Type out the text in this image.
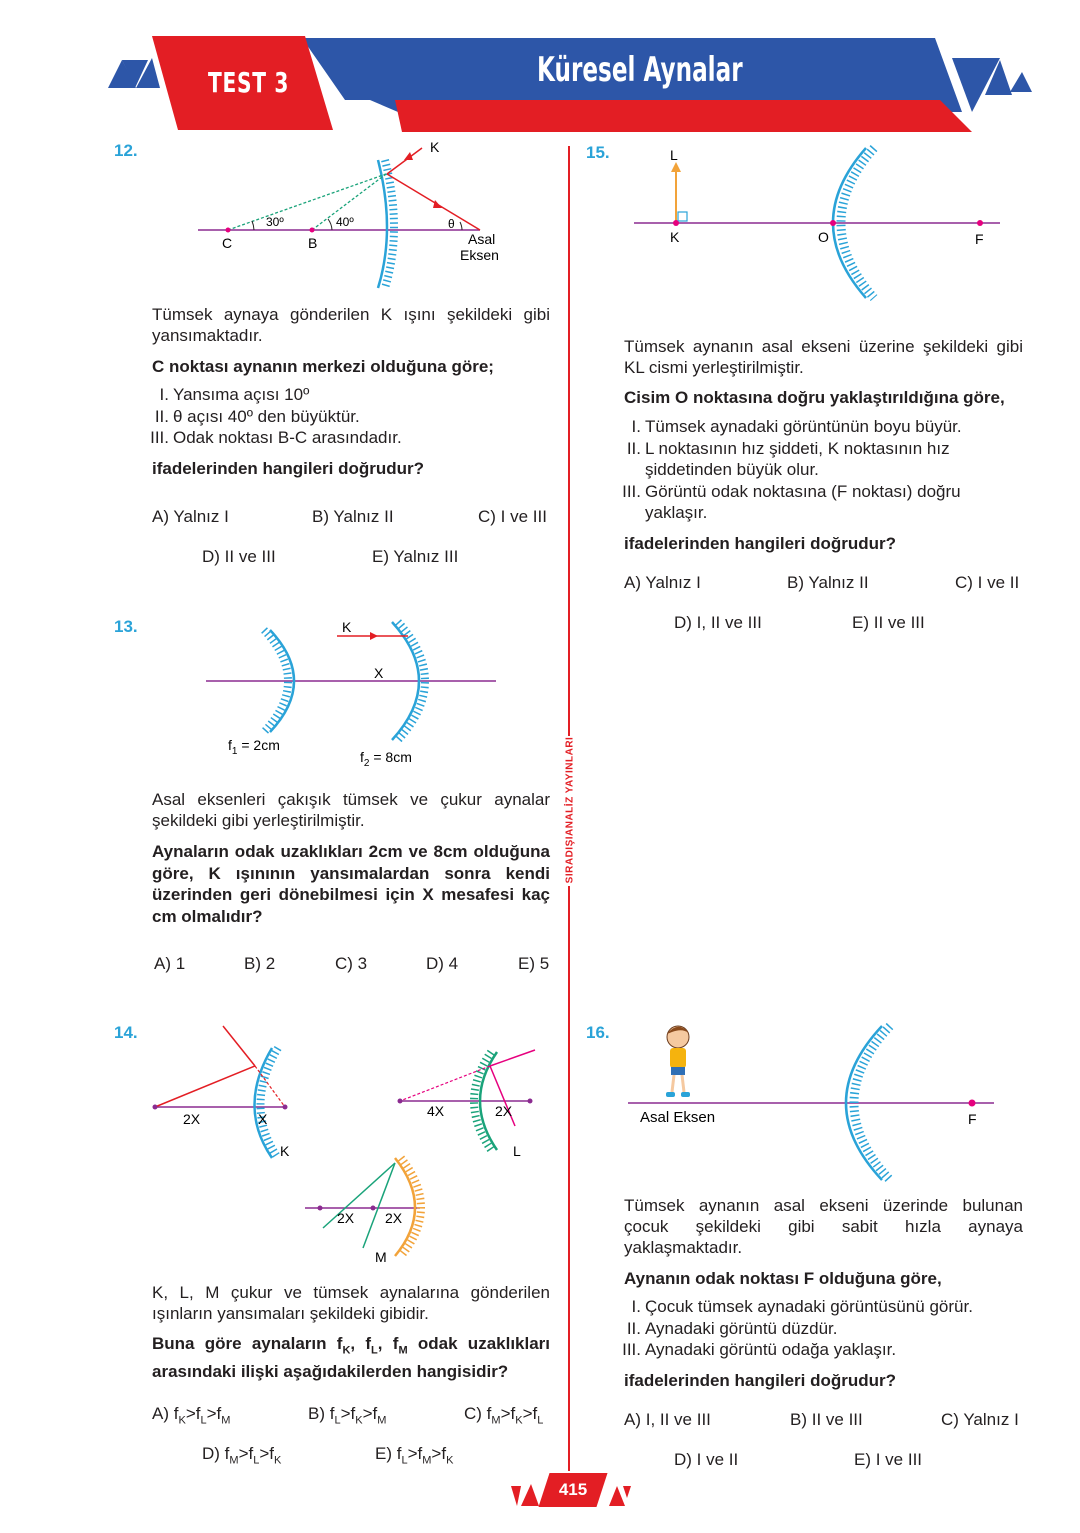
TEST 3	Küresel Aynalar
SIRADIŞIANALİZ YAYINLARI
12.	K
C	B
30º	40º	θ
Asal
Eksen
Tümsek aynaya gönderilen K ışını şekildeki gibi yansımaktadır.
C noktası aynanın merkezi olduğuna göre;
I. Yansıma açısı 10º
II. θ açısı 40º den büyüktür.
III. Odak noktası B-C arasındadır.
ifadelerinden hangileri doğrudur?
A) Yalnız I	B) Yalnız II	C) I ve III
D) II ve III	E) Yalnız III
13.	K
X
$f_1 = 2cm$
$f_2 = 8cm$
Asal eksenleri çakışık tümsek ve çukur aynalar şekildeki gibi yerleştirilmiştir.
Aynaların odak uzaklıkları 2cm ve 8cm olduğuna göre, K ışınının yansımalardan sonra kendi üzerinden geri dönebilmesi için X mesafesi kaç cm olmalıdır?
A) 1	B) 2	C) 3	D) 4	E) 5
14.
2X	X
K
4X	2X
L
2X 2X
M
K, L, M çukur ve tümsek aynalarına gönderilen ışınların yansımaları şekildeki gibidir.
Buna göre aynaların $f_K$, $f_L$, $f_M$ odak uzaklıkları arasındaki ilişki aşağıdakilerden hangisidir?
A) $f_K>f_L>f_M$	B) $f_L>f_K>f_M$	C) $f_M>f_K>f_L$
D) $f_M>f_L>f_K$	E) $f_L>f_M>f_K$
15.	L
K	O	F
Tümsek aynanın asal ekseni üzerine şekildeki gibi KL cismi yerleştirilmiştir.
Cisim O noktasına doğru yaklaştırıldığına göre,
I. Tümsek aynadaki görüntünün boyu büyür.
II. L noktasının hız şiddeti, K noktasının hız şiddetinden büyük olur.
III. Görüntü odak noktasına (F noktası) doğru yaklaşır.
ifadelerinden hangileri doğrudur?
A) Yalnız I	B) Yalnız II	C) I ve II
D) I, II ve III	E) II ve III
16.
Asal Eksen	F
Tümsek aynanın asal ekseni üzerinde bulunan çocuk şekildeki gibi sabit hızla aynaya yaklaşmaktadır.
Aynanın odak noktası F olduğuna göre,
I. Çocuk tümsek aynadaki görüntüsünü görür.
II. Aynadaki görüntü düzdür.
III. Aynadaki görüntü odağa yaklaşır.
ifadelerinden hangileri doğrudur?
A) I, II ve III	B) II ve III	C) Yalnız I
D) I ve II	E) I ve III
415
